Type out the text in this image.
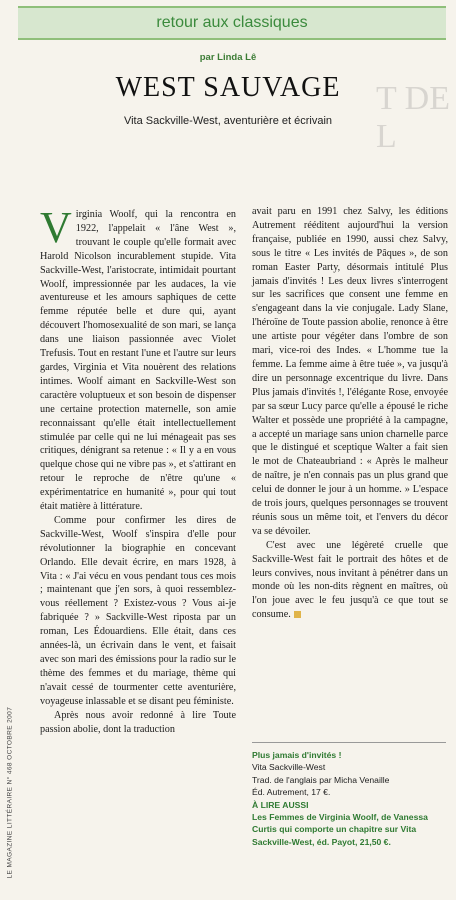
T DE L
LE MAGAZINE LITTÉRAIRE N° 468 OCTOBRE 2007
retour aux classiques
par Linda Lê
WEST SAUVAGE
Vita Sackville-West, aventurière et écrivain

Virginia Woolf, qui la rencontra en 1922, l'appelait « l'âne West », trouvant le couple qu'elle formait avec Harold Nicolson incurablement stupide. Vita Sackville-West, l'aristocrate, intimidait pourtant Woolf, impressionnée par les audaces, la vie aventureuse et les amours saphiques de cette femme réputée belle et dure qui, ayant découvert l'homosexualité de son mari, se lança dans une liaison passionnée avec Violet Trefusis. Tout en restant l'une et l'autre sur leurs gardes, Virginia et Vita nouèrent des relations intimes. Woolf aimant en Sackville-West son caractère voluptueux et son besoin de dispenser une certaine protection maternelle, son amie reconnaissant qu'elle était intellectuellement stimulée par celle qui ne lui ménageait pas ses critiques, dénigrant sa retenue : « Il y a en vous quelque chose qui ne vibre pas », et s'attirant en retour le reproche de n'être qu'une « expérimentatrice en humanité », pour qui tout était matière à littérature.

Comme pour confirmer les dires de Sackville-West, Woolf s'inspira d'elle pour révolutionner la biographie en concevant Orlando. Elle devait écrire, en mars 1928, à Vita : « J'ai vécu en vous pendant tous ces mois ; maintenant que j'en sors, à quoi ressemblez-vous réellement ? Existez-vous ? Vous ai-je fabriquée ? » Sackville-West riposta par un roman, Les Édouardiens. Elle était, dans ces années-là, un écrivain dans le vent, et faisait avec son mari des émissions pour la radio sur le thème des femmes et du mariage, thème qui n'avait cessé de tourmenter cette aventurière, voyageuse inlassable et se disant peu féministe.

Après nous avoir redonné à lire Toute passion abolie, dont la traduction

avait paru en 1991 chez Salvy, les éditions Autrement rééditent aujourd'hui la version française, publiée en 1990, aussi chez Salvy, sous le titre « Les invités de Pâques », de son roman Easter Party, désormais intitulé Plus jamais d'invités ! Les deux livres s'interrogent sur les sacrifices que consent une femme en s'engageant dans la vie conjugale. Lady Slane, l'héroïne de Toute passion abolie, renonce à être une artiste pour végéter dans l'ombre de son mari, vice-roi des Indes. « L'homme tue la femme. La femme aime à être tuée », va jusqu'à dire un personnage excentrique du livre. Dans Plus jamais d'invités !, l'élégante Rose, envoyée par sa sœur Lucy parce qu'elle a épousé le riche Walter et possède une propriété à la campagne, a accepté un mariage sans union charnelle parce que le distingué et sceptique Walter a fait sien le mot de Chateaubriand : « Après le malheur de naître, je n'en connais pas un plus grand que celui de donner le jour à un homme. » L'espace de trois jours, quelques personnages se trouvent réunis sous un même toit, et l'envers du décor va se dévoiler.

C'est avec une légèreté cruelle que Sackville-West fait le portrait des hôtes et de leurs convives, nous invitant à pénétrer dans un monde où les non-dits règnent en maîtres, où l'on joue avec le feu jusqu'à ce que tout se consume.

Plus jamais d'invités !
Vita Sackville-West
Trad. de l'anglais par Micha Venaille
Éd. Autrement, 17 €.
À LIRE AUSSI
Les Femmes de Virginia Woolf, de Vanessa Curtis qui comporte un chapitre sur Vita Sackville-West, éd. Payot, 21,50 €.
